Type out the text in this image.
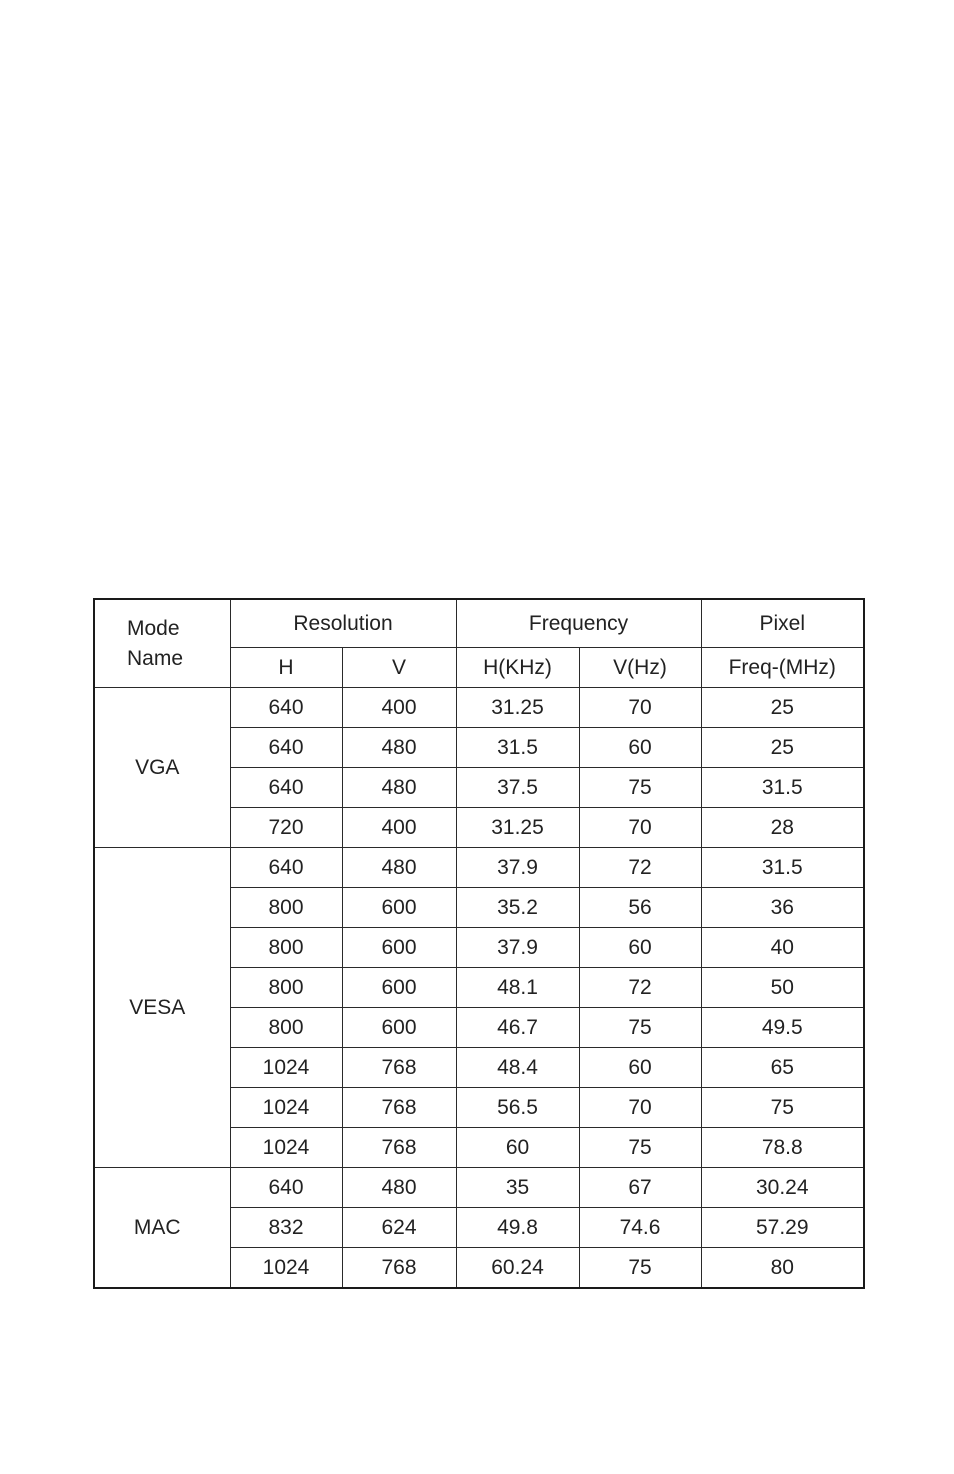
Mode
Name	Resolution		Frequency		Pixel
	H	V	H(KHz)	V(Hz)	Freq-(MHz)
VGA	640	400	31.25	70	25
	640	480	31.5	60	25
	640	480	37.5	75	31.5
	720	400	31.25	70	28
VESA	640	480	37.9	72	31.5
	800	600	35.2	56	36
	800	600	37.9	60	40
	800	600	48.1	72	50
	800	600	46.7	75	49.5
	1024	768	48.4	60	65
	1024	768	56.5	70	75
	1024	768	60	75	78.8
MAC	640	480	35	67	30.24
	832	624	49.8	74.6	57.29
	1024	768	60.24	75	80
